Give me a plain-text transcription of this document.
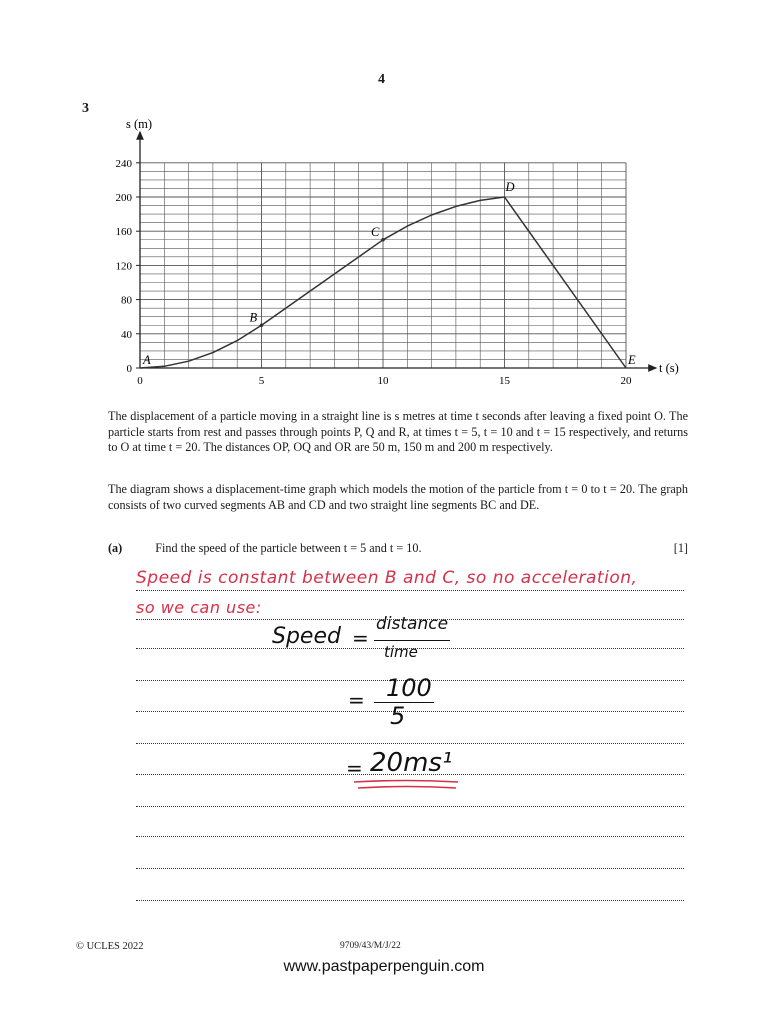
4
3
0
40
80
120
160
200
240
0	5	10	15	20
A
B
C
D
E
s (m)
t (s)

The displacement of a particle moving in a straight line is s metres at time t seconds after leaving a fixed point O. The particle starts from rest and passes through points P, Q and R, at times t = 5, t = 10 and t = 15 respectively, and returns to O at time t = 20. The distances OP, OQ and OR are 50 m, 150 m and 200 m respectively.

The diagram shows a displacement-time graph which models the motion of the particle from t = 0 to t = 20. The graph consists of two curved segments AB and CD and two straight line segments BC and DE.

(a)	Find the speed of the particle between t = 5 and t = 10.	[1]
Speed is constant between B and C, so no acceleration,
so we can use:
Speed =
distance
time
= 100
5
= 20ms¹
© UCLES 2022	9709/43/M/J/22
www.pastpaperpenguin.com
